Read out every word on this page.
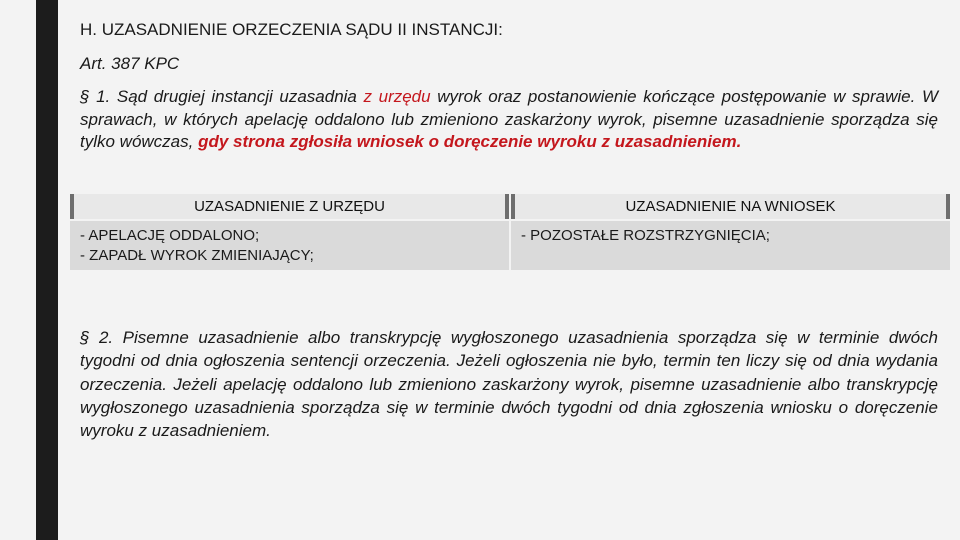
H. UZASADNIENIE ORZECZENIA SĄDU II INSTANCJI:
Art. 387 KPC

§ 1. Sąd drugiej instancji uzasadnia z urzędu wyrok oraz postanowienie kończące postępowanie w sprawie. W sprawach, w których apelację oddalono lub zmieniono zaskarżony wyrok, pisemne uzasadnienie sporządza się tylko wówczas, gdy strona zgłosiła wniosek o doręczenie wyroku z uzasadnieniem.

UZASADNIENIE Z URZĘDU	UZASADNIENIE NA WNIOSEK
- APELACJĘ ODDALONO;
- ZAPADŁ WYROK ZMIENIAJĄCY;
- POZOSTAŁE ROZSTRZYGNIĘCIA;

§ 2. Pisemne uzasadnienie albo transkrypcję wygłoszonego uzasadnienia sporządza się w terminie dwóch tygodni od dnia ogłoszenia sentencji orzeczenia. Jeżeli ogłoszenia nie było, termin ten liczy się od dnia wydania orzeczenia. Jeżeli apelację oddalono lub zmieniono zaskarżony wyrok, pisemne uzasadnienie albo transkrypcję wygłoszonego uzasadnienia sporządza się w terminie dwóch tygodni od dnia zgłoszenia wniosku o doręczenie wyroku z uzasadnieniem.
